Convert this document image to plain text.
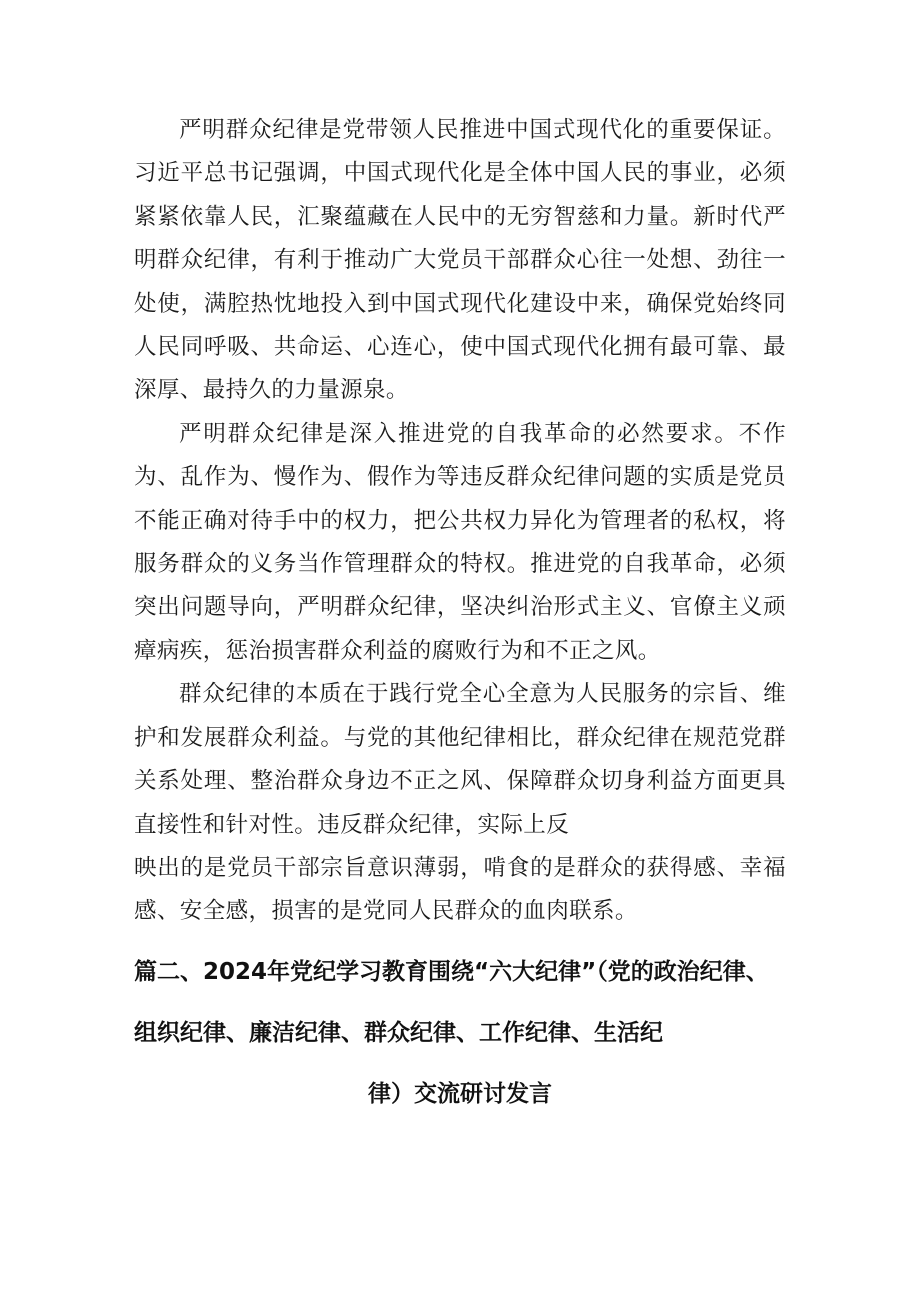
严明群众纪律是党带领人民推进中国式现代化的重要保证。习近平总书记强调，中国式现代化是全体中国人民的事业，必须紧紧依靠人民，汇聚蕴藏在人民中的无穷智慈和力量。新时代严明群众纪律，有利于推动广大党员干部群众心往一处想、劲往一处使，满腔热忱地投入到中国式现代化建设中来，确保党始终同人民同呼吸、共命运、心连心，使中国式现代化拥有最可靠、最深厚、最持久的力量源泉。

严明群众纪律是深入推进党的自我革命的必然要求。不作为、乱作为、慢作为、假作为等违反群众纪律问题的实质是党员不能正确对待手中的权力，把公共权力异化为管理者的私权，将服务群众的义务当作管理群众的特权。推进党的自我革命，必须突出问题导向，严明群众纪律，坚决纠治形式主义、官僚主义顽瘴病疾，惩治损害群众利益的腐败行为和不正之风。

群众纪律的本质在于践行党全心全意为人民服务的宗旨、维护和发展群众利益。与党的其他纪律相比，群众纪律在规范党群关系处理、整治群众身边不正之风、保障群众切身利益方面更具直接性和针对性。违反群众纪律，实际上反

映出的是党员干部宗旨意识薄弱，啃食的是群众的获得感、幸福感、安全感，损害的是党同人民群众的血肉联系。

篇二、2024年党纪学习教育围绕“六大纪律”（党的政治纪律、
组织纪律、廉洁纪律、群众纪律、工作纪律、生活纪
律）交流研讨发言
